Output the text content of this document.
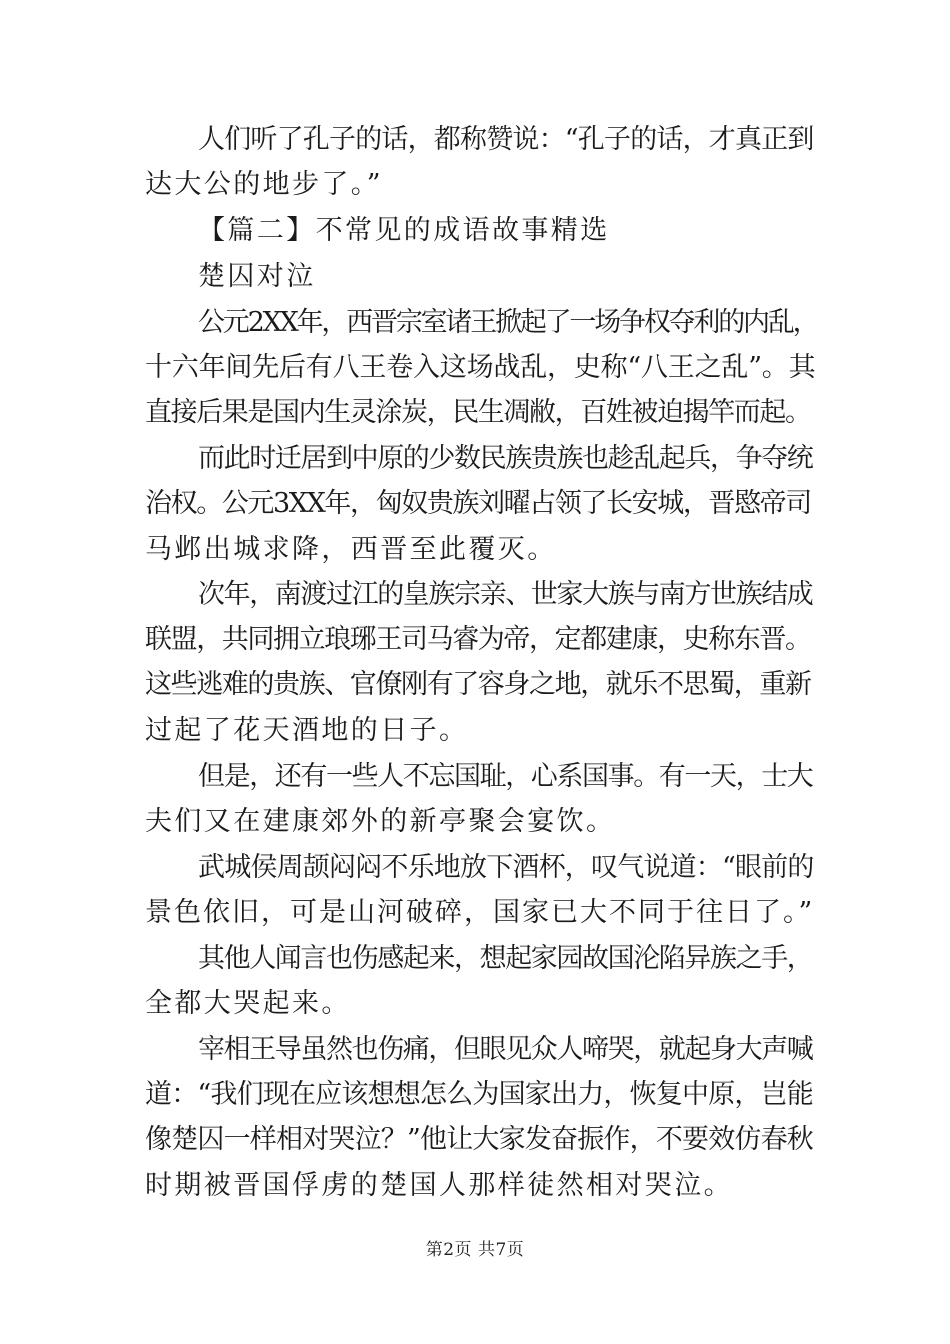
人们听了孔子的话，都称赞说：“孔子的话，才真正到
达大公的地步了。”
【篇二】不常见的成语故事精选
楚囚对泣
公元2XX年，西晋宗室诸王掀起了一场争权夺利的内乱，
十六年间先后有八王卷入这场战乱，史称“八王之乱”。其
直接后果是国内生灵涂炭，民生凋敝，百姓被迫揭竿而起。
而此时迁居到中原的少数民族贵族也趁乱起兵，争夺统
治权。公元3XX年，匈奴贵族刘曜占领了长安城，晋愍帝司
马邺出城求降，西晋至此覆灭。
次年，南渡过江的皇族宗亲、世家大族与南方世族结成
联盟，共同拥立琅琊王司马睿为帝，定都建康，史称东晋。
这些逃难的贵族、官僚刚有了容身之地，就乐不思蜀，重新
过起了花天酒地的日子。
但是，还有一些人不忘国耻，心系国事。有一天，士大
夫们又在建康郊外的新亭聚会宴饮。
武城侯周颉闷闷不乐地放下酒杯，叹气说道：“眼前的
景色依旧，可是山河破碎，国家已大不同于往日了。”
其他人闻言也伤感起来，想起家园故国沦陷异族之手，
全都大哭起来。
宰相王导虽然也伤痛，但眼见众人啼哭，就起身大声喊
道：“我们现在应该想想怎么为国家出力，恢复中原，岂能
像楚囚一样相对哭泣？”他让大家发奋振作，不要效仿春秋
时期被晋国俘虏的楚国人那样徒然相对哭泣。
第2页 共7页
